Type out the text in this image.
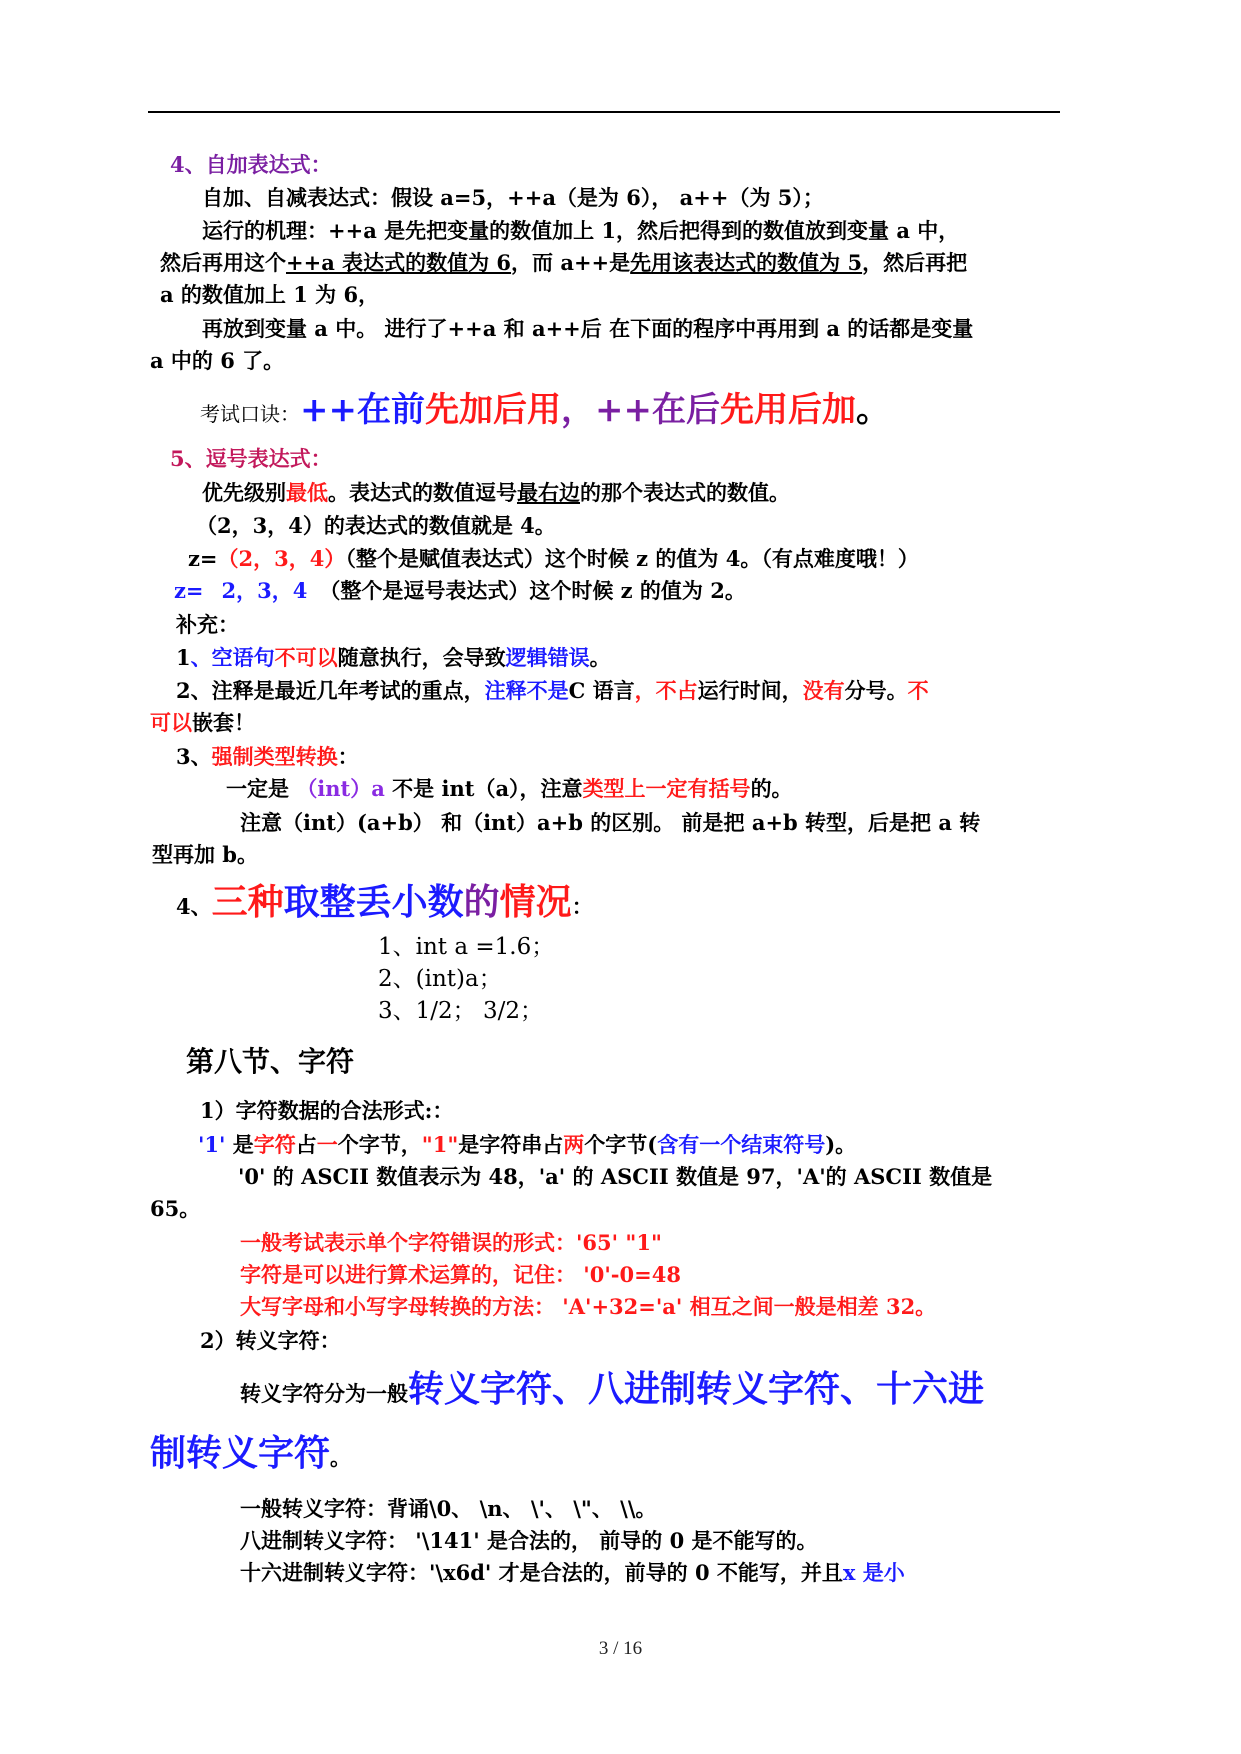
4、自加表达式：
自加、自减表达式：假设 a=5，++a（是为 6）， a++（为 5）；
运行的机理：++a 是先把变量的数值加上 1，然后把得到的数值放到变量 a 中，
然后再用这个++a 表达式的数值为 6，而 a++是先用该表达式的数值为 5，然后再把
a 的数值加上 1 为 6，
再放到变量 a 中。 进行了++a 和 a++后 在下面的程序中再用到 a 的话都是变量
a 中的 6 了。
考试口诀：++在前先加后用，++在后先用后加。
5、逗号表达式：
优先级别最低。表达式的数值逗号最右边的那个表达式的数值。
（2，3，4）的表达式的数值就是 4。
z=（2，3，4）（整个是赋值表达式）这个时候 z 的值为 4。（有点难度哦！）
z= 2，3，4 （整个是逗号表达式）这个时候 z 的值为 2。
补充：
1、空语句不可以随意执行，会导致逻辑错误。
2、注释是最近几年考试的重点，注释不是C 语言，不占运行时间，没有分号。不
可以嵌套！
3、强制类型转换：
一定是 （int）a 不是 int（a），注意类型上一定有括号的。
注意（int）(a+b） 和（int）a+b 的区别。 前是把 a+b 转型，后是把 a 转
型再加 b。
4、三种取整丢小数的情况：
1、int a =1.6；
2、(int)a；
3、1/2； 3/2；
第八节、字符
1）字符数据的合法形式:：
'1' 是字符占一个字节，"1"是字符串占两个字节(含有一个结束符号)。
'0' 的 ASCII 数值表示为 48，'a' 的 ASCII 数值是 97，'A'的 ASCII 数值是
65。
一般考试表示单个字符错误的形式：'65' "1"
字符是可以进行算术运算的，记住： '0'-0=48
大写字母和小写字母转换的方法： 'A'+32='a' 相互之间一般是相差 32。
2）转义字符：
转义字符分为一般转义字符、八进制转义字符、十六进
制转义字符。
一般转义字符：背诵\0、 \n、 \'、 \"、 \\。
八进制转义字符： '\141' 是合法的， 前导的 0 是不能写的。
十六进制转义字符：'\x6d' 才是合法的，前导的 0 不能写，并且x 是小
3 / 16
